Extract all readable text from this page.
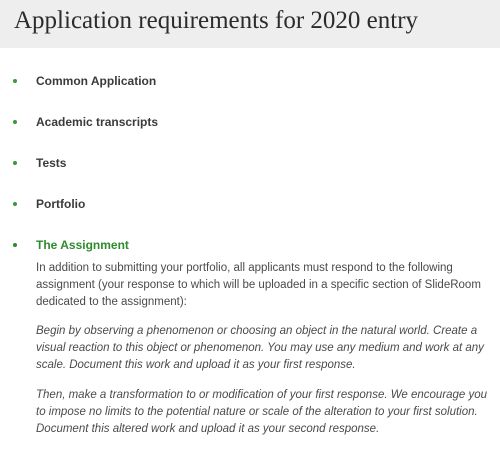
Application requirements for 2020 entry
Common Application
Academic transcripts
Tests
Portfolio
The Assignment

In addition to submitting your portfolio, all applicants must respond to the following assignment (your response to which will be uploaded in a specific section of SlideRoom dedicated to the assignment):

Begin by observing a phenomenon or choosing an object in the natural world. Create a visual reaction to this object or phenomenon. You may use any medium and work at any scale. Document this work and upload it as your first response.

Then, make a transformation to or modification of your first response. We encourage you to impose no limits to the potential nature or scale of the alteration to your first solution. Document this altered work and upload it as your second response.
